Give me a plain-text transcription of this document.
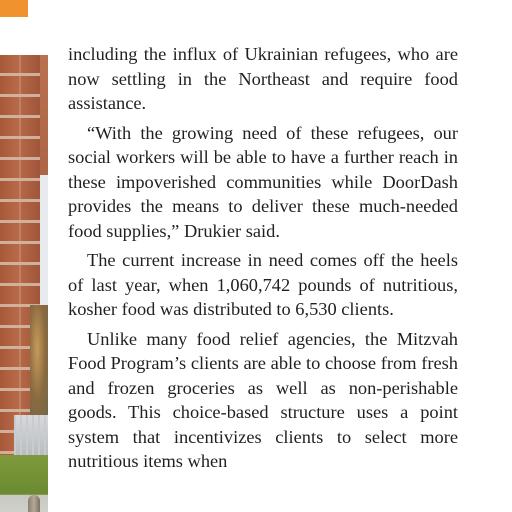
including the influx of Ukrainian refugees, who are now settling in the Northeast and require food assistance.

“With the growing need of these refugees, our social workers will be able to have a further reach in these impoverished communities while DoorDash provides the means to deliver these much-needed food supplies,” Drukier said.

The current increase in need comes off the heels of last year, when 1,060,742 pounds of nutritious, kosher food was distributed to 6,530 clients.

Unlike many food relief agencies, the Mitzvah Food Program’s clients are able to choose from fresh and frozen groceries as well as non-perishable goods. This choice-based structure uses a point system that incentivizes clients to select more nutritious items when
